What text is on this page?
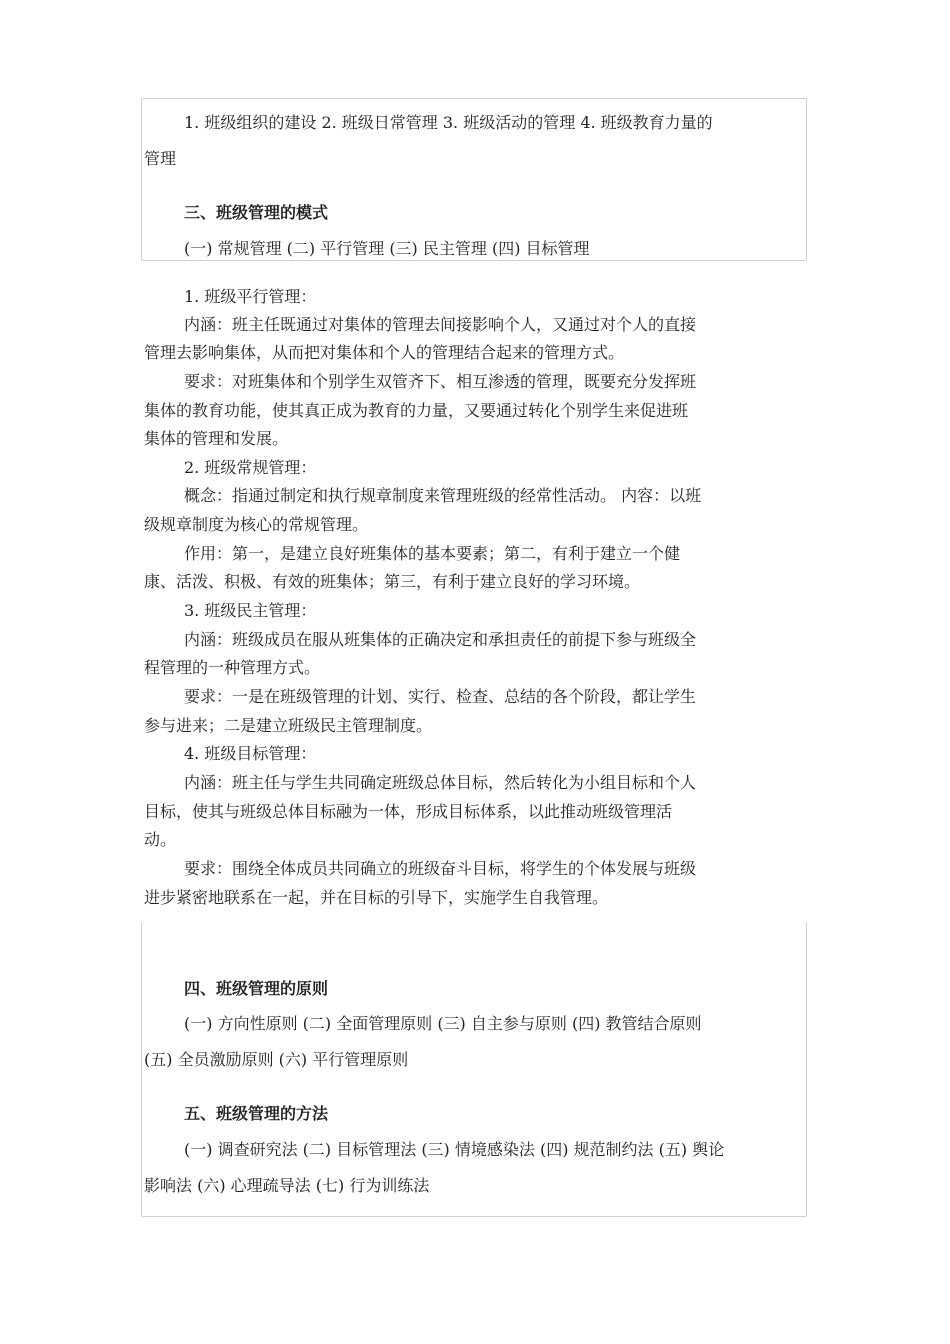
1. 班级组织的建设 2. 班级日常管理 3. 班级活动的管理 4. 班级教育力量的

管理

三、班级管理的模式

(一) 常规管理 (二) 平行管理 (三) 民主管理 (四) 目标管理

1. 班级平行管理：

内涵：班主任既通过对集体的管理去间接影响个人，又通过对个人的直接

管理去影响集体，从而把对集体和个人的管理结合起来的管理方式。

要求：对班集体和个别学生双管齐下、相互渗透的管理，既要充分发挥班

集体的教育功能，使其真正成为教育的力量，又要通过转化个别学生来促进班

集体的管理和发展。

2. 班级常规管理：

概念：指通过制定和执行规章制度来管理班级的经常性活动。 内容：以班

级规章制度为核心的常规管理。

作用：第一，是建立良好班集体的基本要素；第二，有利于建立一个健

康、活泼、积极、有效的班集体；第三，有利于建立良好的学习环境。

3. 班级民主管理：

内涵：班级成员在服从班集体的正确决定和承担责任的前提下参与班级全

程管理的一种管理方式。

要求：一是在班级管理的计划、实行、检查、总结的各个阶段，都让学生

参与进来；二是建立班级民主管理制度。

4. 班级目标管理：

内涵：班主任与学生共同确定班级总体目标，然后转化为小组目标和个人

目标，使其与班级总体目标融为一体，形成目标体系，以此推动班级管理活

动。

要求：围绕全体成员共同确立的班级奋斗目标，将学生的个体发展与班级

进步紧密地联系在一起，并在目标的引导下，实施学生自我管理。

四、班级管理的原则

(一) 方向性原则 (二) 全面管理原则 (三) 自主参与原则 (四) 教管结合原则

(五) 全员激励原则 (六) 平行管理原则

五、班级管理的方法

(一) 调查研究法 (二) 目标管理法 (三) 情境感染法 (四) 规范制约法 (五) 舆论

影响法 (六) 心理疏导法 (七) 行为训练法
